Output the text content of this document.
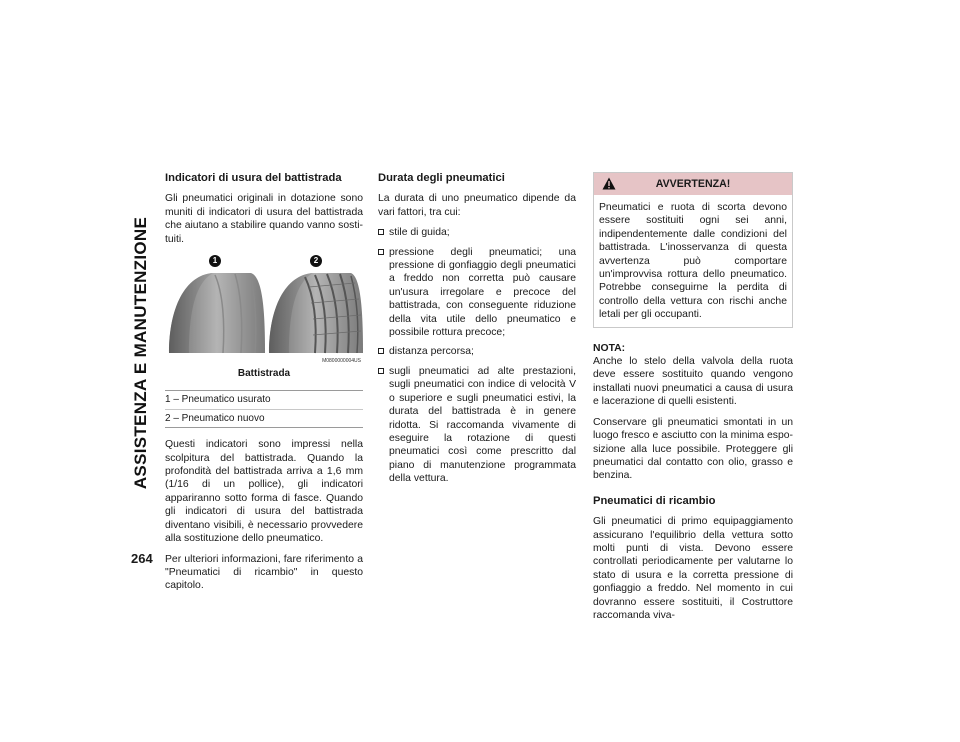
ASSISTENZA E MANUTENZIONE
264
Indicatori di usura del battistrada

Gli pneumatici originali in dotazione sono muniti di indicatori di usura del battistrada che aiutano a stabilire quando vanno sostituiti.

M0800000004US
1	2
Battistrada
1 – Pneumatico usurato
2 – Pneumatico nuovo

Questi indicatori sono impressi nella scolpitura del battistrada. Quando la profondità del battistrada arriva a 1,6 mm (1/16 di un pollice), gli indicatori appariranno sotto forma di fasce. Quando gli indicatori di usura del battistrada diventano visibili, è necessario provvedere alla sostituzione dello pneumatico.

Per ulteriori informazioni, fare riferimento a "Pneumatici di ricambio" in questo capitolo.

Durata degli pneumatici

La durata di uno pneumatico dipende da vari fattori, tra cui:

stile di guida;
pressione degli pneumatici; una pressione di gonfiaggio degli pneumatici a freddo non corretta può causare un'usura irregolare e precoce del battistrada, con conseguente riduzione della vita utile dello pneumatico e possibile rottura precoce;
distanza percorsa;
sugli pneumatici ad alte prestazioni, sugli pneumatici con indice di velocità V o superiore e sugli pneumatici estivi, la durata del battistrada è in genere ridotta. Si raccomanda vivamente di eseguire la rotazione di questi pneumatici così come prescritto dal piano di manutenzione programmata della vettura.
AVVERTENZA!
Pneumatici e ruota di scorta devono essere sostituiti ogni sei anni, indipendentemente dalle condizioni del battistrada. L'inosservanza di questa avvertenza può comportare un'improvvisa rottura dello pneumatico. Potrebbe conseguirne la perdita di controllo della vettura con rischi anche letali per gli occupanti.

NOTA:

Anche lo stelo della valvola della ruota deve essere sostituito quando vengono installati nuovi pneumatici a causa di usura e lacerazione di quelli esistenti.

Conservare gli pneumatici smontati in un luogo fresco e asciutto con la minima esposizione alla luce possibile. Proteggere gli pneumatici dal contatto con olio, grasso e benzina.

Pneumatici di ricambio

Gli pneumatici di primo equipaggiamento assicurano l'equilibrio della vettura sotto molti punti di vista. Devono essere controllati periodicamente per valutarne lo stato di usura e la corretta pressione di gonfiaggio a freddo. Nel momento in cui dovranno essere sostituiti, il Costruttore raccomanda viva-
